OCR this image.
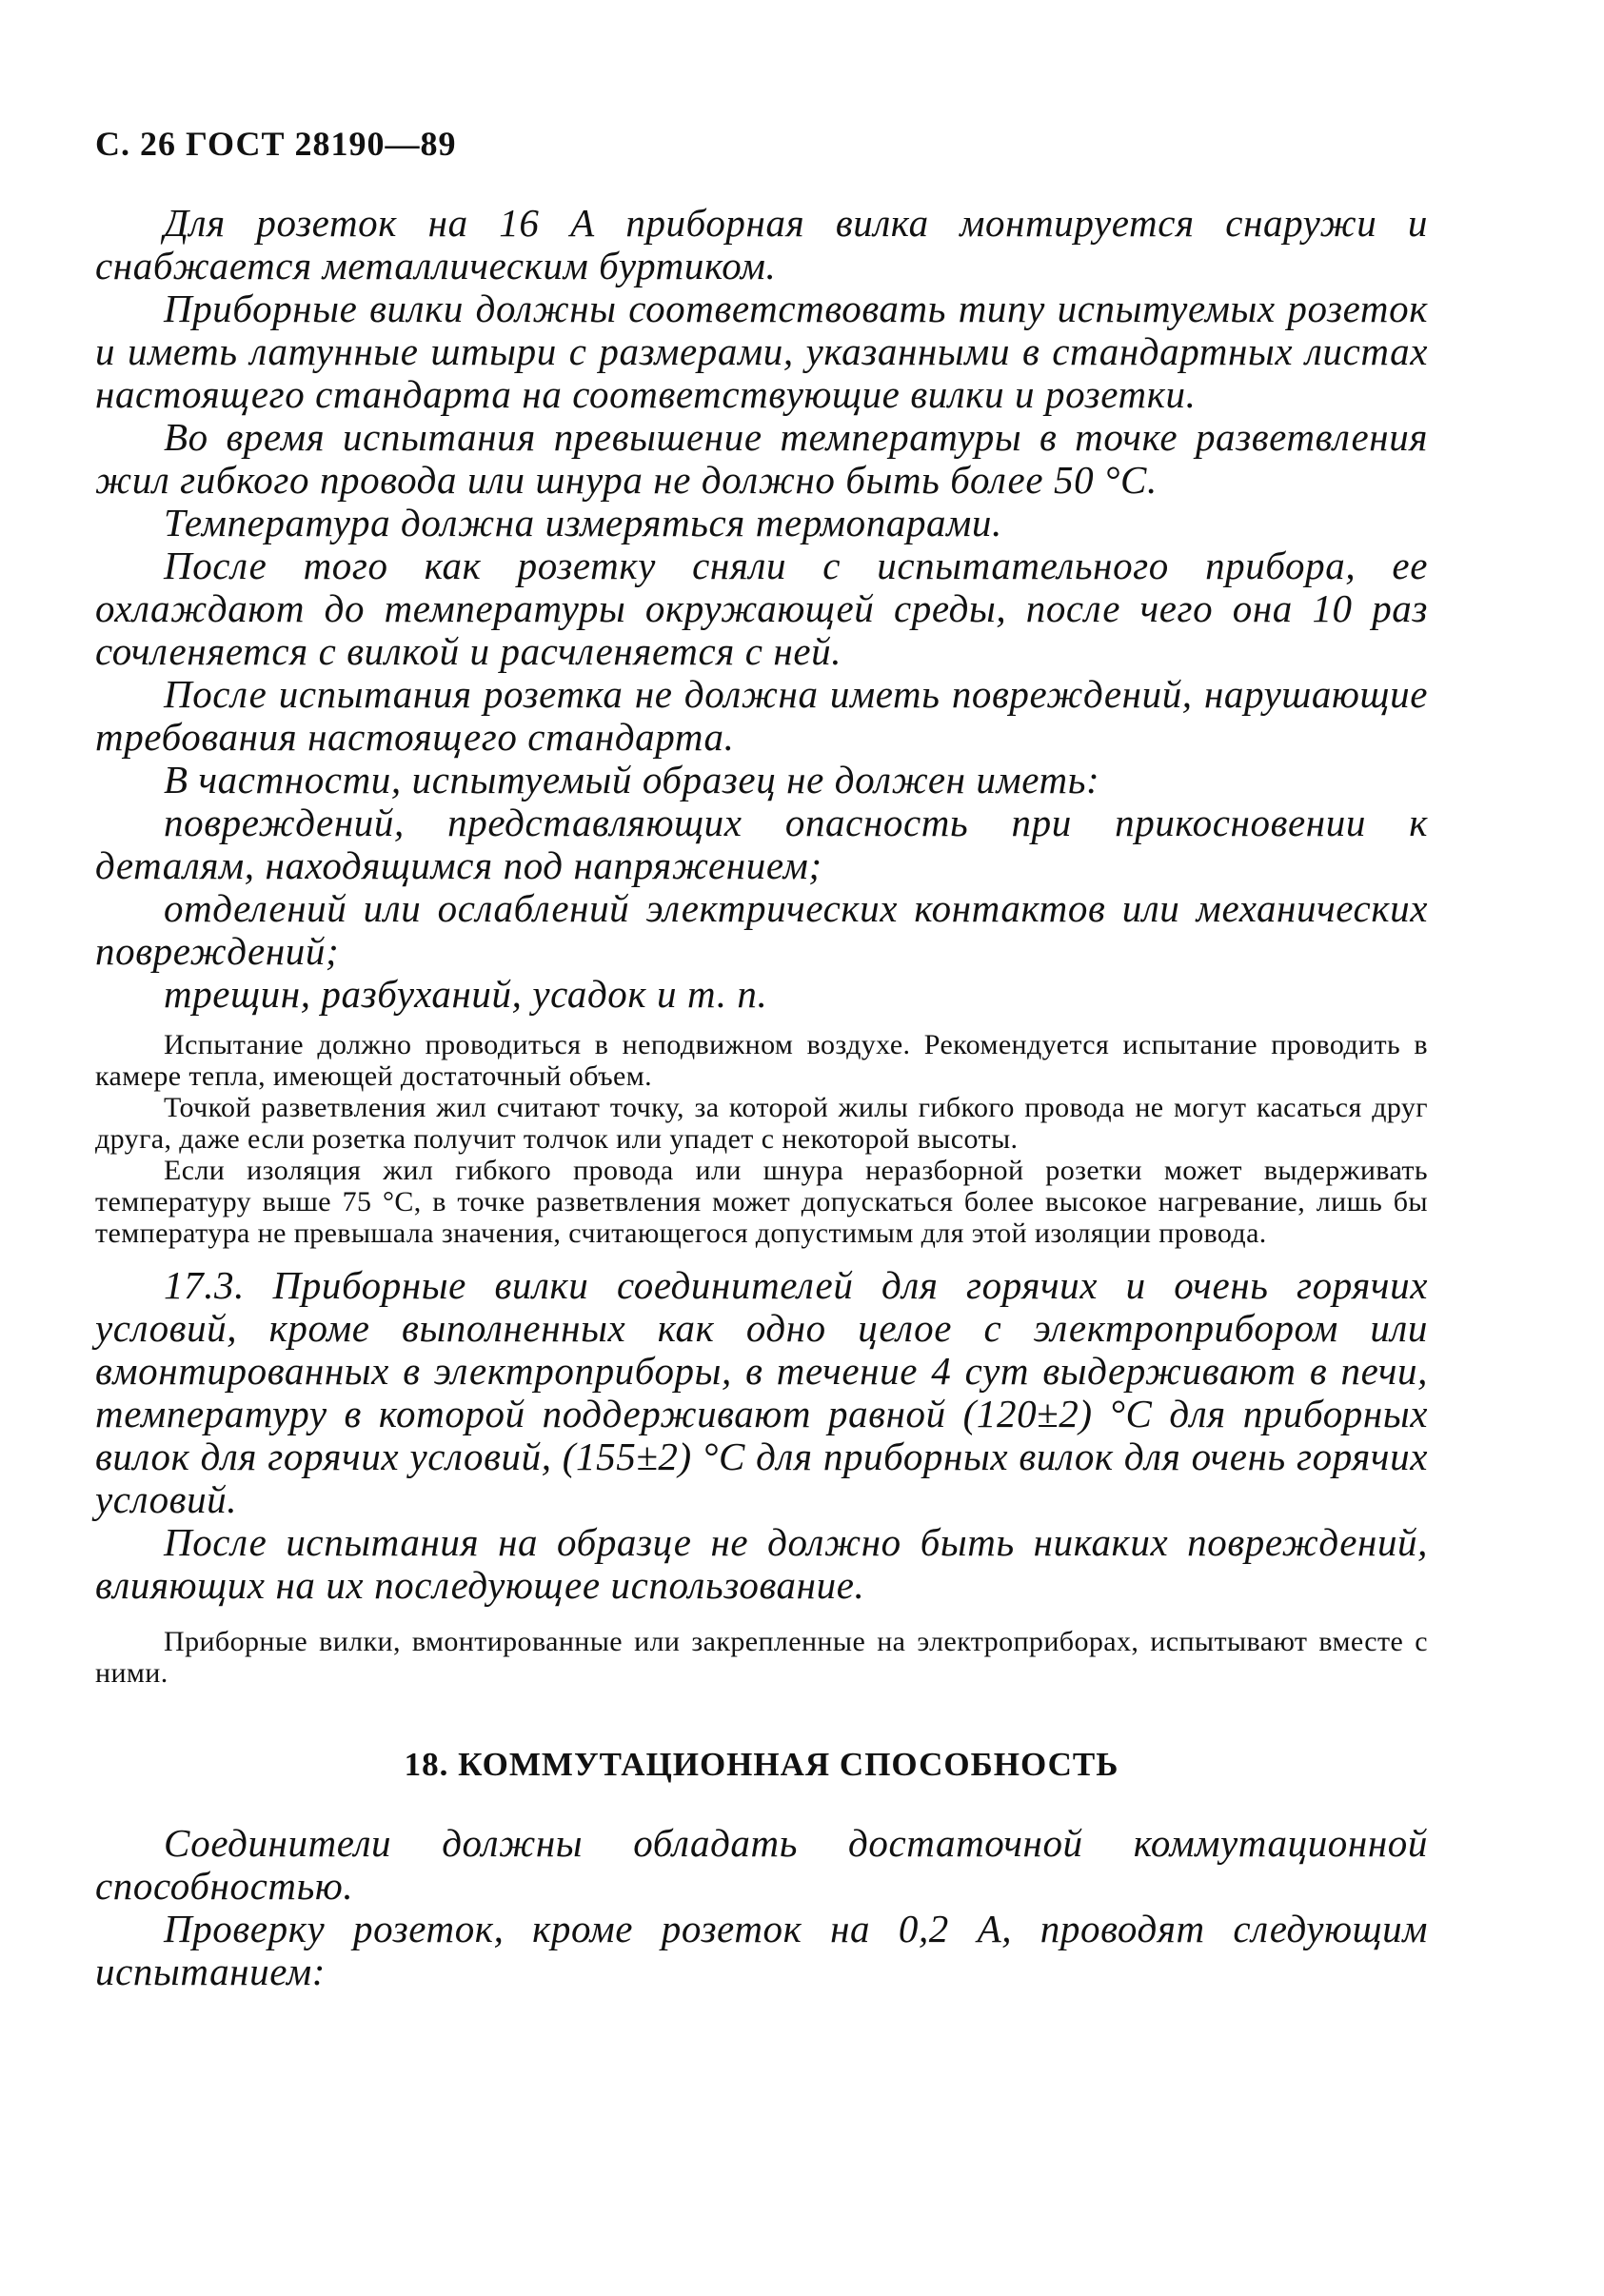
С. 26 ГОСТ 28190—89

Для розеток на 16 А приборная вилка монтируется снаружи и снабжается металлическим буртиком.

Приборные вилки должны соответствовать типу испытуемых розеток и иметь латунные штыри с размерами, указанными в стандартных листах настоящего стандарта на соответствующие вилки и розетки.

Во время испытания превышение температуры в точке разветвления жил гибкого провода или шнура не должно быть более 50 °С.

Температура должна измеряться термопарами.

После того как розетку сняли с испытательного прибора, ее охлаждают до температуры окружающей среды, после чего она 10 раз сочленяется с вилкой и расчленяется с ней.

После испытания розетка не должна иметь повреждений, нарушающие требования настоящего стандарта.

В частности, испытуемый образец не должен иметь:

повреждений, представляющих опасность при прикосновении к деталям, находящимся под напряжением;

отделений или ослаблений электрических контактов или механических повреждений;

трещин, разбуханий, усадок и т. п.

Испытание должно проводиться в неподвижном воздухе. Рекомендуется испытание проводить в камере тепла, имеющей достаточный объем.

Точкой разветвления жил считают точку, за которой жилы гибкого провода не могут касаться друг друга, даже если розетка получит толчок или упадет с некоторой высоты.

Если изоляция жил гибкого провода или шнура неразборной розетки может выдерживать температуру выше 75 °С, в точке разветвления может допускаться более высокое нагревание, лишь бы температура не превышала значения, считающегося допустимым для этой изоляции провода.

17.3. Приборные вилки соединителей для горячих и очень горячих условий, кроме выполненных как одно целое с электроприбором или вмонтированных в электроприборы, в течение 4 сут выдерживают в печи, температуру в которой поддерживают равной (120±2) °С для приборных вилок для горячих условий, (155±2) °С для приборных вилок для очень горячих условий.

После испытания на образце не должно быть никаких повреждений, влияющих на их последующее использование.

Приборные вилки, вмонтированные или закрепленные на электроприборах, испытывают вместе с ними.

18. КОММУТАЦИОННАЯ СПОСОБНОСТЬ

Соединители должны обладать достаточной коммутационной способностью.

Проверку розеток, кроме розеток на 0,2 А, проводят следующим испытанием:
